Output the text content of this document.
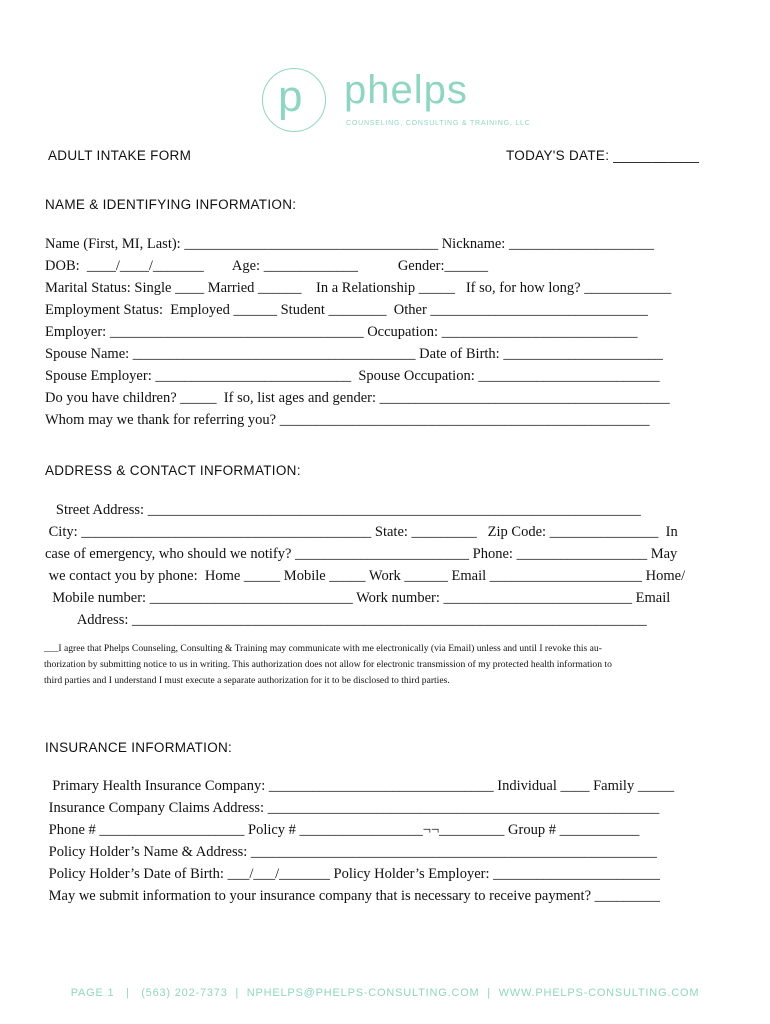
p phelps
COUNSELING, CONSULTING & TRAINING, LLC
ADULT INTAKE FORM	TODAY'S DATE: ___________
NAME & IDENTIFYING INFORMATION:
Name (First, MI, Last): ___________________________________ Nickname: ____________________
DOB:  ____/____/_______        Age: _____________           Gender:______
Marital Status: Single ____ Married ______    In a Relationship _____   If so, for how long? ____________
Employment Status:  Employed ______ Student ________  Other ______________________________
Employer: ___________________________________ Occupation: ___________________________
Spouse Name: _______________________________________ Date of Birth: ______________________
Spouse Employer: ___________________________  Spouse Occupation: _________________________
Do you have children? _____  If so, list ages and gender: ________________________________________
Whom may we thank for referring you? ___________________________________________________
ADDRESS & CONTACT INFORMATION:
Street Address: ____________________________________________________________________
City: ________________________________________ State: _________   Zip Code: _______________  In
case of emergency, who should we notify? ________________________ Phone: __________________ May
we contact you by phone:  Home _____ Mobile _____ Work ______ Email _____________________ Home/
Mobile number: ____________________________ Work number: __________________________ Email
Address: _______________________________________________________________________
___I agree that Phelps Counseling, Consulting & Training may communicate with me electronically (via Email) unless and until I revoke this au-
thorization by submitting notice to us in writing. This authorization does not allow for electronic transmission of my protected health information to
third parties and I understand I must execute a separate authorization for it to be disclosed to third parties.
INSURANCE INFORMATION:
Primary Health Insurance Company: _______________________________ Individual ____ Family _____
Insurance Company Claims Address: ______________________________________________________
Phone # ____________________ Policy # _________________¬¬_________ Group # ___________
Policy Holder’s Name & Address: ________________________________________________________
Policy Holder’s Date of Birth: ___/___/_______ Policy Holder’s Employer: _______________________
May we submit information to your insurance company that is necessary to receive payment? _________
PAGE 1   |   (563) 202-7373  |  NPHELPS@PHELPS-CONSULTING.COM  |  WWW.PHELPS-CONSULTING.COM
